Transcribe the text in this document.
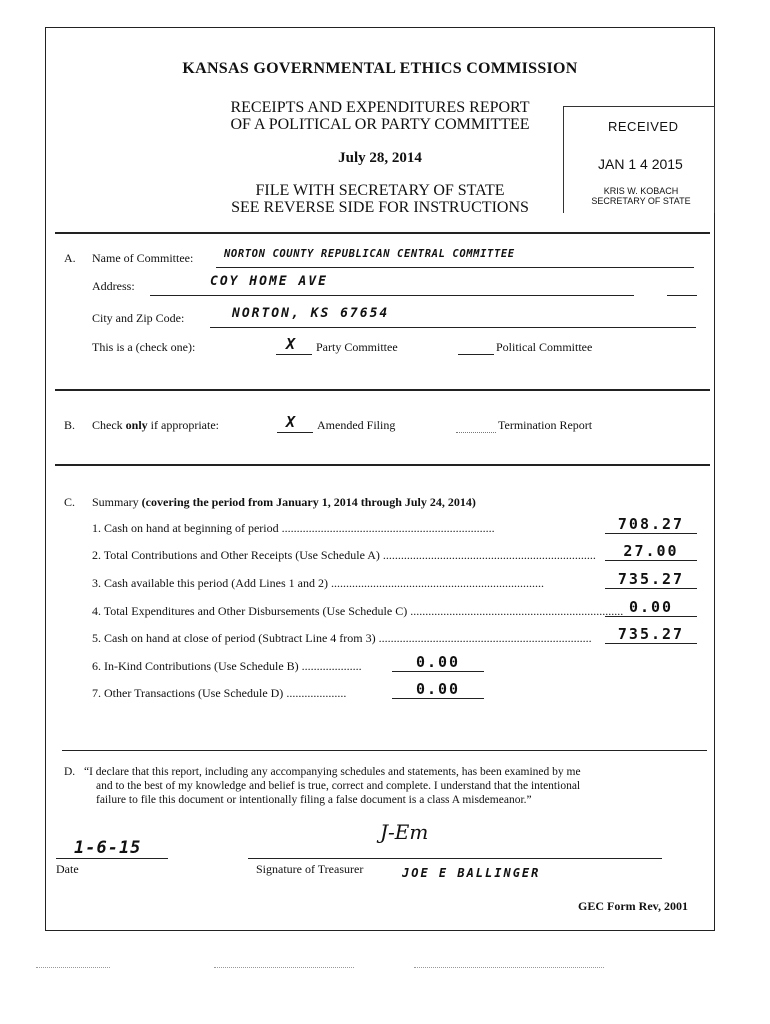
KANSAS GOVERNMENTAL ETHICS COMMISSION
RECEIPTS AND EXPENDITURES REPORT
OF A POLITICAL OR PARTY COMMITTEE
July 28, 2014
FILE WITH SECRETARY OF STATE
SEE REVERSE SIDE FOR INSTRUCTIONS
RECEIVED
JAN 1 4 2015
KRIS W. KOBACH
SECRETARY OF STATE
A. Name of Committee:	NORTON COUNTY REPUBLICAN CENTRAL COMMITTEE
Address:	COY HOME AVE
City and Zip Code:	NORTON, KS 67654
This is a (check one):	X Party Committee	Political Committee
B. Check only if appropriate:	X Amended Filing	Termination Report
C. Summary (covering the period from January 1, 2014 through July 24, 2014)
1. Cash on hand at beginning of period .......................................................................	708.27
2. Total Contributions and Other Receipts (Use Schedule A) .......................................................................	27.00
3. Cash available this period (Add Lines 1 and 2) .......................................................................	735.27
4. Total Expenditures and Other Disbursements (Use Schedule C) ....................................................................... 0.00
5. Cash on hand at close of period (Subtract Line 4 from 3) .......................................................................	735.27
6. In-Kind Contributions (Use Schedule B) ....................	0.00
7. Other Transactions (Use Schedule D) ....................	0.00
D. “I declare that this report, including any accompanying schedules and statements, has been examined by me
and to the best of my knowledge and belief is true, correct and complete. I understand that the intentional
failure to file this document or intentionally filing a false document is a class A misdemeanor.”
1-6-15
Date
J-Em
Signature of Treasurer	JOE E BALLINGER
GEC Form Rev, 2001
